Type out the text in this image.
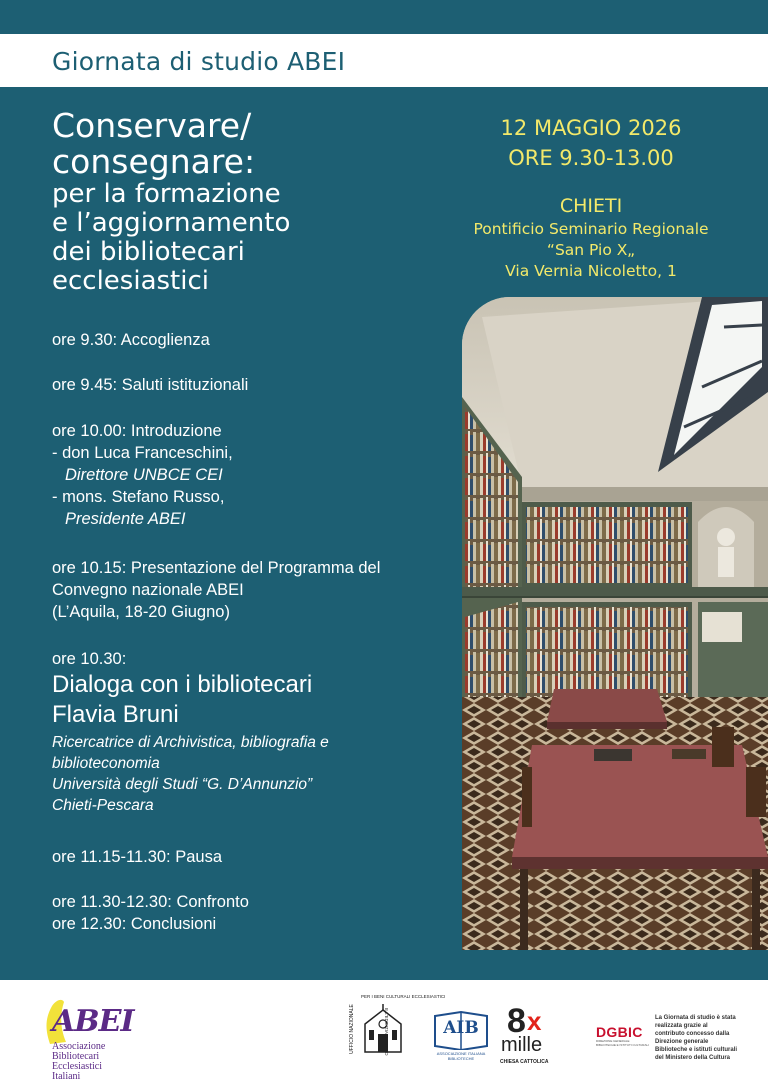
Giornata di studio ABEI
Conservare/
consegnare:
per la formazione
e l’aggiornamento
dei bibliotecari
ecclesiastici
12 MAGGIO 2026
ORE 9.30-13.00
CHIETI
Pontificio Seminario Regionale
“San Pio X„
Via Vernia Nicoletto, 1
ore 9.30: Accoglienza
ore 9.45: Saluti istituzionali
ore 10.00: Introduzione
- don Luca Franceschini,
Direttore UNBCE CEI
- mons. Stefano Russo,
Presidente ABEI
ore 10.15: Presentazione del Programma del
Convegno nazionale ABEI
(L’Aquila, 18-20 Giugno)
ore 10.30:
Dialoga con i bibliotecari
Flavia Bruni
Ricercatrice di Archivistica, bibliografia e
biblioteconomia
Università degli Studi “G. D’Annunzio”
Chieti-Pescara
ore 11.15-11.30: Pausa
ore 11.30-12.30: Confronto
ore 12.30: Conclusioni
ABEI
Associazione
Bibliotecari
Ecclesiastici
Italiani
UFFICIO NAZIONALE
PER I BENI CULTURALI ECCLESIASTICI
E L'EDILIZIA DI CULTO	AIB
ASSOCIAZIONE ITALIANA BIBLIOTECHE
8 x
mille
CHIESA CATTOLICA
DGBIC
DIREZIONE GENERALE BIBLIOTECHE E ISTITUTI CULTURALI
La Giornata di studio è stata
realizzata grazie al
contributo concesso dalla
Direzione generale
Biblioteche e istituti culturali
del Ministero della Cultura
